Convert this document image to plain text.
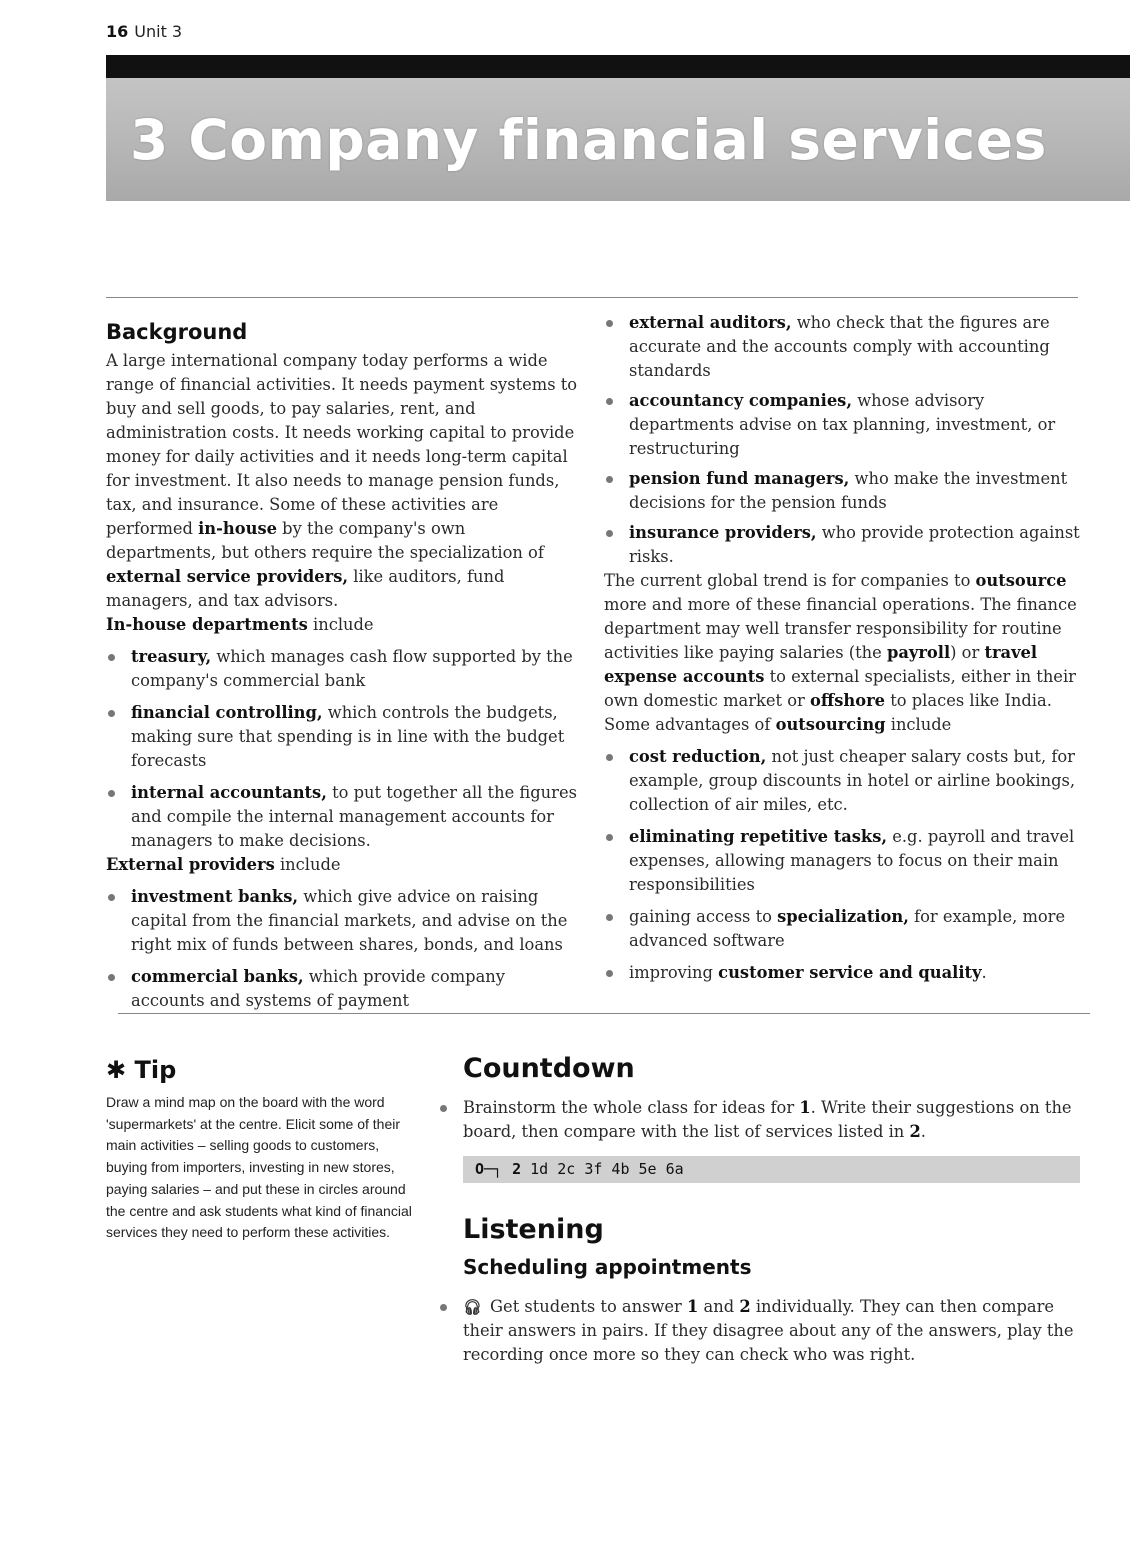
16 Unit 3
3 Company financial services
Background

A large international company today performs a wide range of financial activities. It needs payment systems to buy and sell goods, to pay salaries, rent, and administration costs. It needs working capital to provide money for daily activities and it needs long-term capital for investment. It also needs to manage pension funds, tax, and insurance. Some of these activities are performed in-house by the company's own departments, but others require the specialization of external service providers, like auditors, fund managers, and tax advisors.

In-house departments include

treasury, which manages cash flow supported by the company's commercial bank
financial controlling, which controls the budgets, making sure that spending is in line with the budget forecasts
internal accountants, to put together all the figures and compile the internal management accounts for managers to make decisions.

External providers include

investment banks, which give advice on raising capital from the financial markets, and advise on the right mix of funds between shares, bonds, and loans
commercial banks, which provide company accounts and systems of payment
external auditors, who check that the figures are accurate and the accounts comply with accounting standards
accountancy companies, whose advisory departments advise on tax planning, investment, or restructuring
pension fund managers, who make the investment decisions for the pension funds
insurance providers, who provide protection against risks.

The current global trend is for companies to outsource more and more of these financial operations. The finance department may well transfer responsibility for routine activities like paying salaries (the payroll) or travel expense accounts to external specialists, either in their own domestic market or offshore to places like India. Some advantages of outsourcing include

cost reduction, not just cheaper salary costs but, for example, group discounts in hotel or airline bookings, collection of air miles, etc.
eliminating repetitive tasks, e.g. payroll and travel expenses, allowing managers to focus on their main responsibilities
gaining access to specialization, for example, more advanced software
improving customer service and quality.

✱ Tip

Draw a mind map on the board with the word 'supermarkets' at the centre. Elicit some of their main activities – selling goods to customers, buying from importers, investing in new stores, paying salaries – and put these in circles around the centre and ask students what kind of financial services they need to perform these activities.
Countdown
Brainstorm the whole class for ideas for 1. Write their suggestions on the board, then compare with the list of services listed in 2.
O─┐ 2 1d 2c 3f 4b 5e 6a
Listening
Scheduling appointments
🎧︎ Get students to answer 1 and 2 individually. They can then compare their answers in pairs. If they disagree about any of the answers, play the recording once more so they can check who was right.
